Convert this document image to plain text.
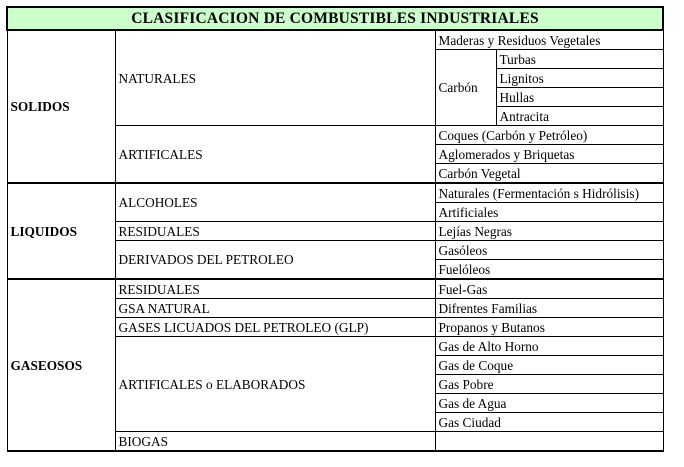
CLASIFICACION DE COMBUSTIBLES INDUSTRIALES			
SOLIDOS	NATURALES	Maderas y Residuos Vegetales	
		Carbón	Turbas
			Lignitos
			Hullas
			Antracita
	ARTIFICALES	Coques (Carbón y Petróleo)	
		Aglomerados y Briquetas	
		Carbón Vegetal	
LIQUIDOS	ALCOHOLES	Naturales (Fermentación s Hidrólisis)	
		Artificiales	
	RESIDUALES	Lejías Negras	
	DERIVADOS DEL PETROLEO	Gasóleos	
		Fuelóleos	
GASEOSOS	RESIDUALES	Fuel-Gas	
	GSA NATURAL	Difrentes Familias	
	GASES LICUADOS DEL PETROLEO (GLP)	Propanos y Butanos	
	ARTIFICALES o ELABORADOS	Gas de Alto Horno	
		Gas de Coque	
		Gas Pobre	
		Gas de Agua	
		Gas Ciudad	
	BIOGAS		
